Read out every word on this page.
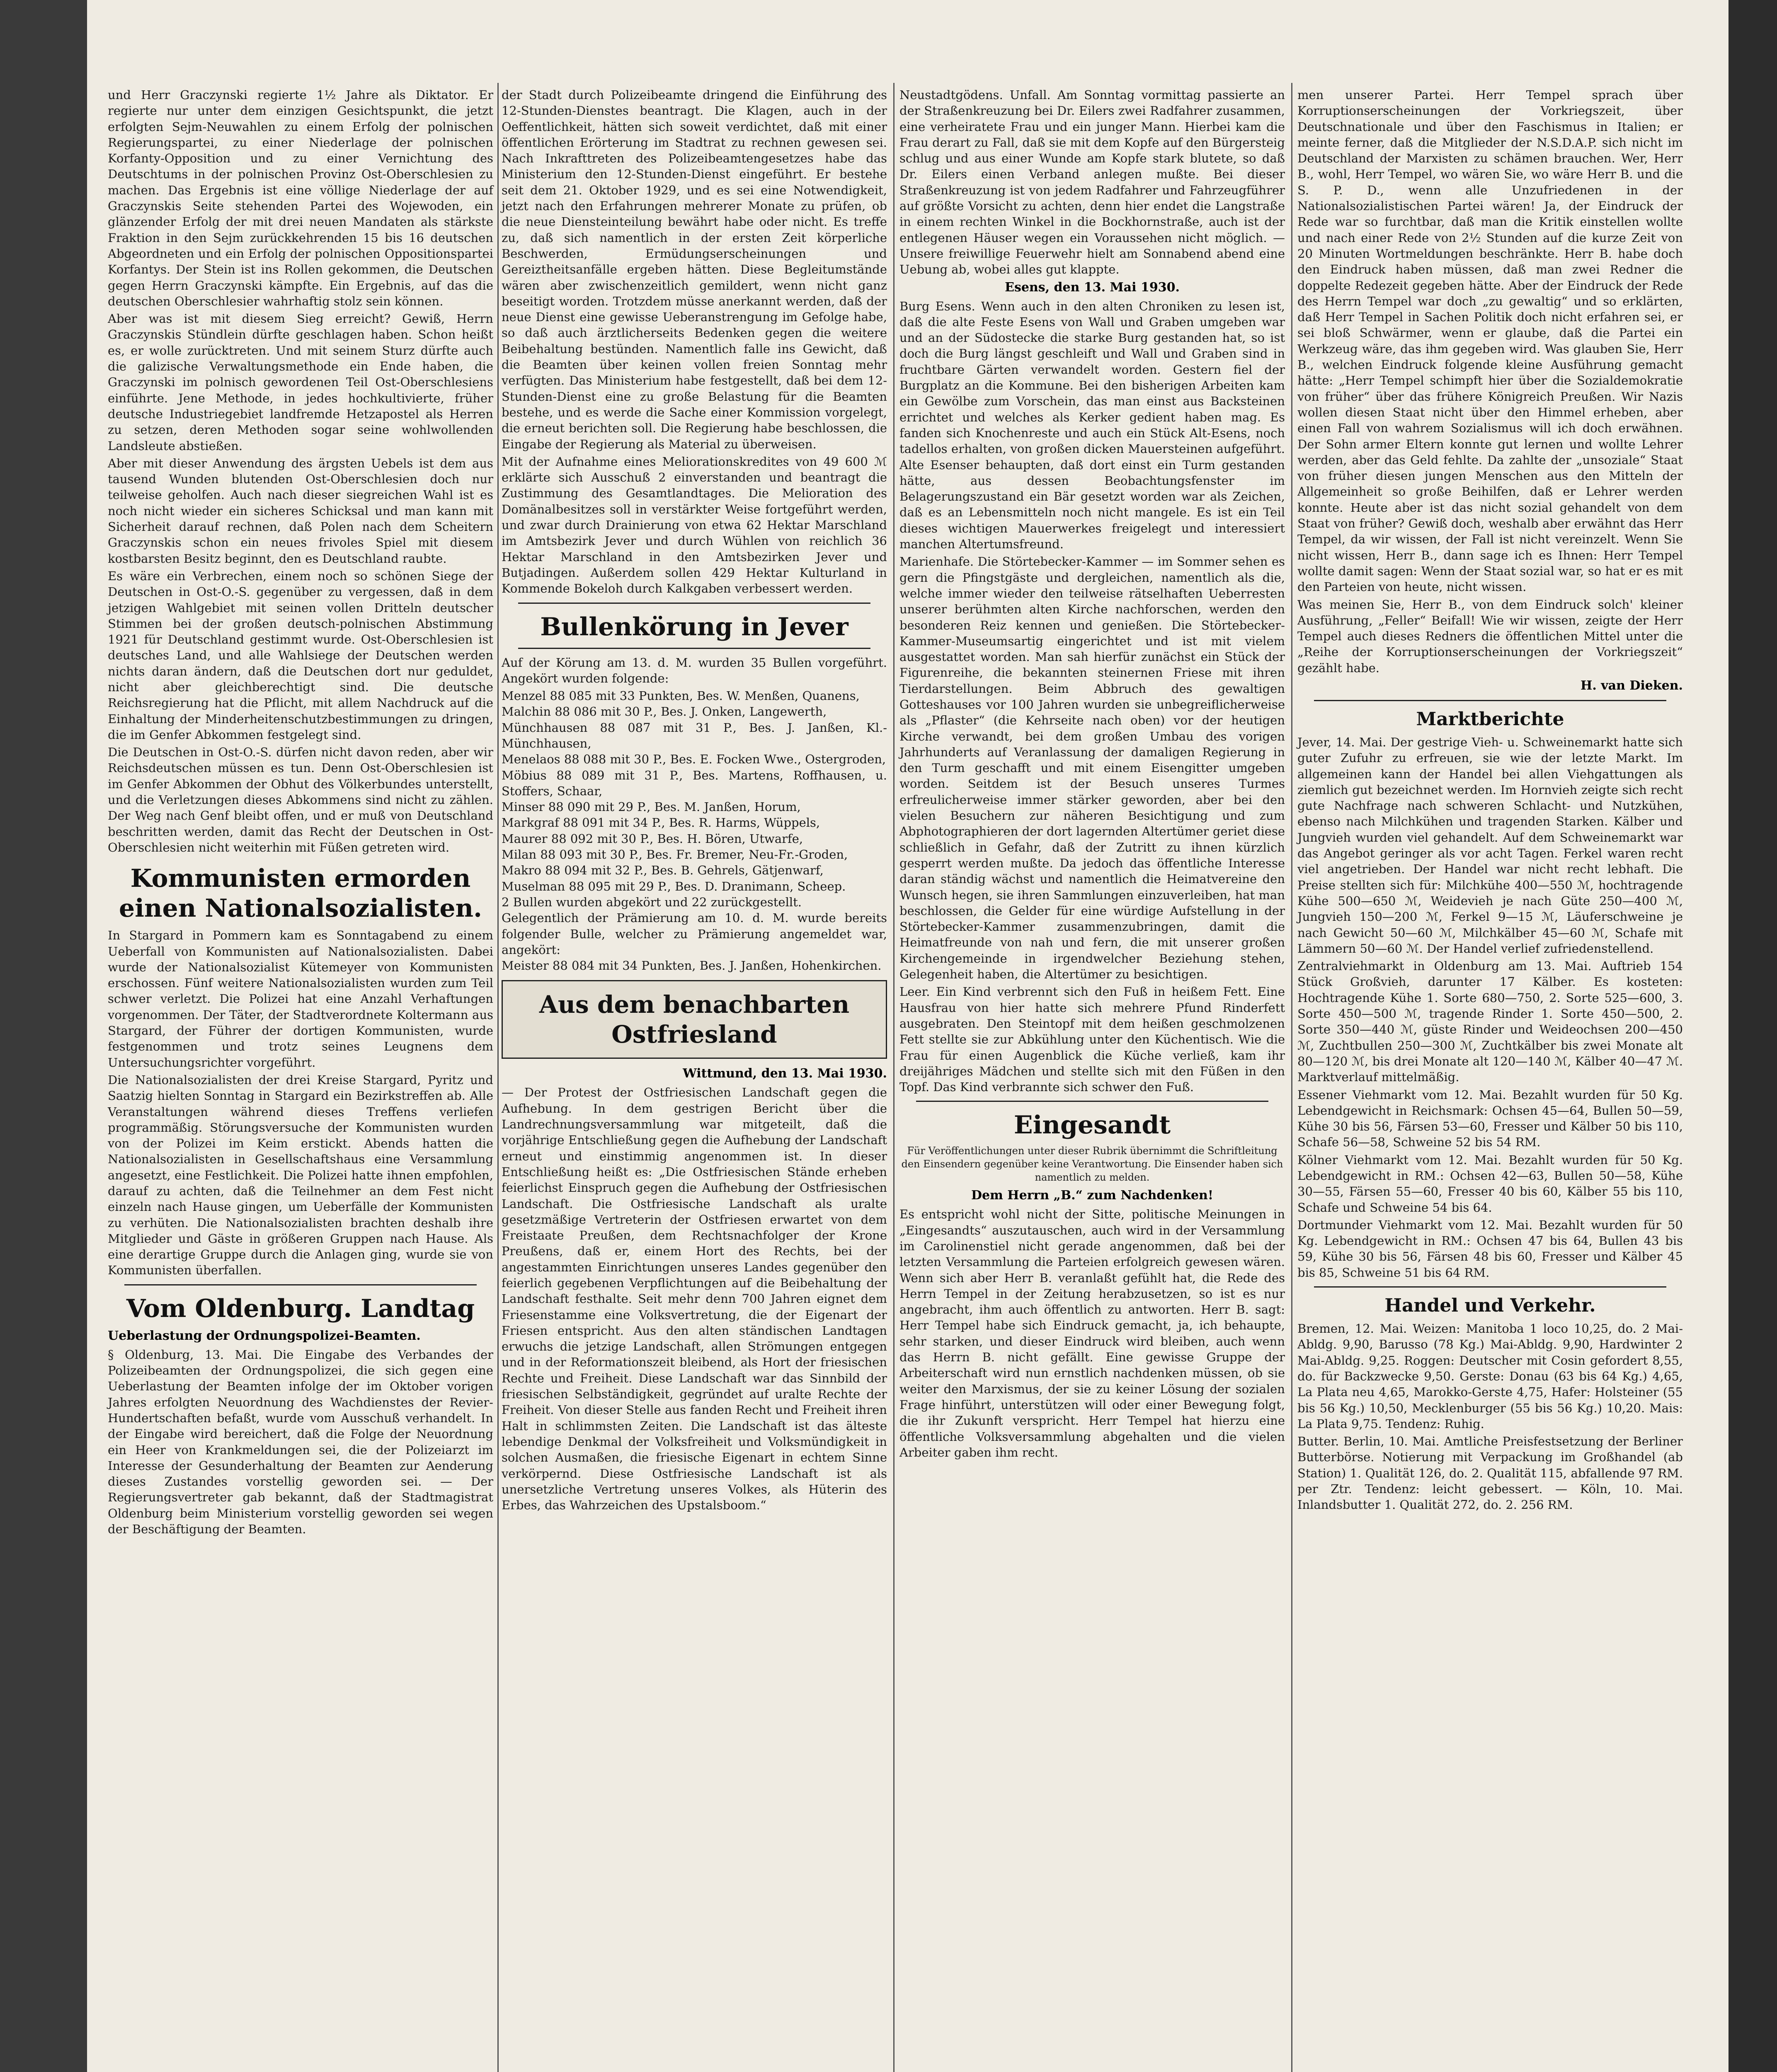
und Herr Graczynski regierte 1½ Jahre als Diktator. Er regierte nur unter dem einzigen Gesichtspunkt, die jetzt erfolgten Sejm-Neuwahlen zu einem Erfolg der polnischen Regierungspartei, zu einer Niederlage der polnischen Korfanty-Opposition und zu einer Vernichtung des Deutschtums in der polnischen Provinz Ost-Oberschlesien zu machen. Das Ergebnis ist eine völlige Niederlage der auf Graczynskis Seite stehenden Partei des Wojewoden, ein glänzender Erfolg der mit drei neuen Mandaten als stärkste Fraktion in den Sejm zurückkehrenden 15 bis 16 deutschen Abgeordneten und ein Erfolg der polnischen Oppositionspartei Korfantys. Der Stein ist ins Rollen gekommen, die Deutschen gegen Herrn Graczynski kämpfte. Ein Ergebnis, auf das die deutschen Oberschlesier wahrhaftig stolz sein können.

Aber was ist mit diesem Sieg erreicht? Gewiß, Herrn Graczynskis Stündlein dürfte geschlagen haben. Schon heißt es, er wolle zurücktreten. Und mit seinem Sturz dürfte auch die galizische Verwaltungsmethode ein Ende haben, die Graczynski im polnisch gewordenen Teil Ost-Oberschlesiens einführte. Jene Methode, in jedes hochkultivierte, früher deutsche Industriegebiet landfremde Hetzapostel als Herren zu setzen, deren Methoden sogar seine wohlwollenden Landsleute abstießen.

Aber mit dieser Anwendung des ärgsten Uebels ist dem aus tausend Wunden blutenden Ost-Oberschlesien doch nur teilweise geholfen. Auch nach dieser siegreichen Wahl ist es noch nicht wieder ein sicheres Schicksal und man kann mit Sicherheit darauf rechnen, daß Polen nach dem Scheitern Graczynskis schon ein neues frivoles Spiel mit diesem kostbarsten Besitz beginnt, den es Deutschland raubte.

Es wäre ein Verbrechen, einem noch so schönen Siege der Deutschen in Ost-O.-S. gegenüber zu vergessen, daß in dem jetzigen Wahlgebiet mit seinen vollen Dritteln deutscher Stimmen bei der großen deutsch-polnischen Abstimmung 1921 für Deutschland gestimmt wurde. Ost-Oberschlesien ist deutsches Land, und alle Wahlsiege der Deutschen werden nichts daran ändern, daß die Deutschen dort nur geduldet, nicht aber gleichberechtigt sind. Die deutsche Reichsregierung hat die Pflicht, mit allem Nachdruck auf die Einhaltung der Minderheitenschutzbestimmungen zu dringen, die im Genfer Abkommen festgelegt sind.

Die Deutschen in Ost-O.-S. dürfen nicht davon reden, aber wir Reichsdeutschen müssen es tun. Denn Ost-Oberschlesien ist im Genfer Abkommen der Obhut des Völkerbundes unterstellt, und die Verletzungen dieses Abkommens sind nicht zu zählen. Der Weg nach Genf bleibt offen, und er muß von Deutschland beschritten werden, damit das Recht der Deutschen in Ost-Oberschlesien nicht weiterhin mit Füßen getreten wird.

Kommunisten ermorden einen Nationalsozialisten.

In Stargard in Pommern kam es Sonntagabend zu einem Ueberfall von Kommunisten auf Nationalsozialisten. Dabei wurde der Nationalsozialist Kütemeyer von Kommunisten erschossen. Fünf weitere Nationalsozialisten wurden zum Teil schwer verletzt. Die Polizei hat eine Anzahl Verhaftungen vorgenommen. Der Täter, der Stadtverordnete Koltermann aus Stargard, der Führer der dortigen Kommunisten, wurde festgenommen und trotz seines Leugnens dem Untersuchungsrichter vorgeführt.

Die Nationalsozialisten der drei Kreise Stargard, Pyritz und Saatzig hielten Sonntag in Stargard ein Bezirkstreffen ab. Alle Veranstaltungen während dieses Treffens verliefen programmäßig. Störungsversuche der Kommunisten wurden von der Polizei im Keim erstickt. Abends hatten die Nationalsozialisten in Gesellschaftshaus eine Versammlung angesetzt, eine Festlichkeit. Die Polizei hatte ihnen empfohlen, darauf zu achten, daß die Teilnehmer an dem Fest nicht einzeln nach Hause gingen, um Ueberfälle der Kommunisten zu verhüten. Die Nationalsozialisten brachten deshalb ihre Mitglieder und Gäste in größeren Gruppen nach Hause. Als eine derartige Gruppe durch die Anlagen ging, wurde sie von Kommunisten überfallen.

Vom Oldenburg. Landtag
Ueberlastung der Ordnungspolizei-Beamten.

§ Oldenburg, 13. Mai. Die Eingabe des Verbandes der Polizeibeamten der Ordnungspolizei, die sich gegen eine Ueberlastung der Beamten infolge der im Oktober vorigen Jahres erfolgten Neuordnung des Wachdienstes der Revier-Hundertschaften befaßt, wurde vom Ausschuß verhandelt. In der Eingabe wird bereichert, daß die Folge der Neuordnung ein Heer von Krankmeldungen sei, die der Polizeiarzt im Interesse der Gesunderhaltung der Beamten zur Aenderung dieses Zustandes vorstellig geworden sei. — Der Regierungsvertreter gab bekannt, daß der Stadtmagistrat Oldenburg beim Ministerium vorstellig geworden sei wegen der Beschäftigung der Beamten.

der Stadt durch Polizeibeamte dringend die Einführung des 12-Stunden-Dienstes beantragt. Die Klagen, auch in der Oeffentlichkeit, hätten sich soweit verdichtet, daß mit einer öffentlichen Erörterung im Stadtrat zu rechnen gewesen sei. Nach Inkrafttreten des Polizeibeamtengesetzes habe das Ministerium den 12-Stunden-Dienst eingeführt. Er bestehe seit dem 21. Oktober 1929, und es sei eine Notwendigkeit, jetzt nach den Erfahrungen mehrerer Monate zu prüfen, ob die neue Diensteinteilung bewährt habe oder nicht. Es treffe zu, daß sich namentlich in der ersten Zeit körperliche Beschwerden, Ermüdungserscheinungen und Gereiztheitsanfälle ergeben hätten. Diese Begleitumstände wären aber zwischenzeitlich gemildert, wenn nicht ganz beseitigt worden. Trotzdem müsse anerkannt werden, daß der neue Dienst eine gewisse Ueberanstrengung im Gefolge habe, so daß auch ärztlicherseits Bedenken gegen die weitere Beibehaltung bestünden. Namentlich falle ins Gewicht, daß die Beamten über keinen vollen freien Sonntag mehr verfügten. Das Ministerium habe festgestellt, daß bei dem 12-Stunden-Dienst eine zu große Belastung für die Beamten bestehe, und es werde die Sache einer Kommission vorgelegt, die erneut berichten soll. Die Regierung habe beschlossen, die Eingabe der Regierung als Material zu überweisen.

Mit der Aufnahme eines Meliorationskredites von 49 600 ℳ erklärte sich Ausschuß 2 einverstanden und beantragt die Zustimmung des Gesamtlandtages. Die Melioration des Domänalbesitzes soll in verstärkter Weise fortgeführt werden, und zwar durch Drainierung von etwa 62 Hektar Marschland im Amtsbezirk Jever und durch Wühlen von reichlich 36 Hektar Marschland in den Amtsbezirken Jever und Butjadingen. Außerdem sollen 429 Hektar Kulturland in Kommende Bokeloh durch Kalkgaben verbessert werden.

Bullenkörung in Jever

Auf der Körung am 13. d. M. wurden 35 Bullen vorgeführt. Angekört wurden folgende:

Menzel 88 085 mit 33 Punkten, Bes. W. Menßen, Quanens,
Malchin 88 086 mit 30 P., Bes. J. Onken, Langewerth,
Münchhausen 88 087 mit 31 P., Bes. J. Janßen, Kl.-Münchhausen,
Menelaos 88 088 mit 30 P., Bes. E. Focken Wwe., Ostergroden,
Möbius 88 089 mit 31 P., Bes. Martens, Roffhausen, u. Stoffers, Schaar,
Minser 88 090 mit 29 P., Bes. M. Janßen, Horum,
Markgraf 88 091 mit 34 P., Bes. R. Harms, Wüppels,
Maurer 88 092 mit 30 P., Bes. H. Bören, Utwarfe,
Milan 88 093 mit 30 P., Bes. Fr. Bremer, Neu-Fr.-Groden,
Makro 88 094 mit 32 P., Bes. B. Gehrels, Gätjenwarf,
Muselman 88 095 mit 29 P., Bes. D. Dranimann, Scheep.
2 Bullen wurden abgekört und 22 zurückgestellt.
Gelegentlich der Prämierung am 10. d. M. wurde bereits folgender Bulle, welcher zu Prämierung angemeldet war, angekört:
Meister 88 084 mit 34 Punkten, Bes. J. Janßen, Hohenkirchen.

Aus dem benachbarten Ostfriesland
Wittmund, den 13. Mai 1930.

— Der Protest der Ostfriesischen Landschaft gegen die Aufhebung. In dem gestrigen Bericht über die Landrechnungsversammlung war mitgeteilt, daß die vorjährige Entschließung gegen die Aufhebung der Landschaft erneut und einstimmig angenommen ist. In dieser Entschließung heißt es: „Die Ostfriesischen Stände erheben feierlichst Einspruch gegen die Aufhebung der Ostfriesischen Landschaft. Die Ostfriesische Landschaft als uralte gesetzmäßige Vertreterin der Ostfriesen erwartet von dem Freistaate Preußen, dem Rechtsnachfolger der Krone Preußens, daß er, einem Hort des Rechts, bei der angestammten Einrichtungen unseres Landes gegenüber den feierlich gegebenen Verpflichtungen auf die Beibehaltung der Landschaft festhalte. Seit mehr denn 700 Jahren eignet dem Friesenstamme eine Volksvertretung, die der Eigenart der Friesen entspricht. Aus den alten ständischen Landtagen erwuchs die jetzige Landschaft, allen Strömungen entgegen und in der Reformationszeit bleibend, als Hort der friesischen Rechte und Freiheit. Diese Landschaft war das Sinnbild der friesischen Selbständigkeit, gegründet auf uralte Rechte der Freiheit. Von dieser Stelle aus fanden Recht und Freiheit ihren Halt in schlimmsten Zeiten. Die Landschaft ist das älteste lebendige Denkmal der Volksfreiheit und Volksmündigkeit in solchen Ausmaßen, die friesische Eigenart in echtem Sinne verkörpernd. Diese Ostfriesische Landschaft ist als unersetzliche Vertretung unseres Volkes, als Hüterin des Erbes, das Wahrzeichen des Upstalsboom.“

Neustadtgödens. Unfall. Am Sonntag vormittag passierte an der Straßenkreuzung bei Dr. Eilers zwei Radfahrer zusammen, eine verheiratete Frau und ein junger Mann. Hierbei kam die Frau derart zu Fall, daß sie mit dem Kopfe auf den Bürgersteig schlug und aus einer Wunde am Kopfe stark blutete, so daß Dr. Eilers einen Verband anlegen mußte. Bei dieser Straßenkreuzung ist von jedem Radfahrer und Fahrzeugführer auf größte Vorsicht zu achten, denn hier endet die Langstraße in einem rechten Winkel in die Bockhornstraße, auch ist der entlegenen Häuser wegen ein Voraussehen nicht möglich. — Unsere freiwillige Feuerwehr hielt am Sonnabend abend eine Uebung ab, wobei alles gut klappte.

Esens, den 13. Mai 1930.

Burg Esens. Wenn auch in den alten Chroniken zu lesen ist, daß die alte Feste Esens von Wall und Graben umgeben war und an der Südostecke die starke Burg gestanden hat, so ist doch die Burg längst geschleift und Wall und Graben sind in fruchtbare Gärten verwandelt worden. Gestern fiel der Burgplatz an die Kommune. Bei den bisherigen Arbeiten kam ein Gewölbe zum Vorschein, das man einst aus Backsteinen errichtet und welches als Kerker gedient haben mag. Es fanden sich Knochenreste und auch ein Stück Alt-Esens, noch tadellos erhalten, von großen dicken Mauersteinen aufgeführt. Alte Esenser behaupten, daß dort einst ein Turm gestanden hätte, aus dessen Beobachtungsfenster im Belagerungszustand ein Bär gesetzt worden war als Zeichen, daß es an Lebensmitteln noch nicht mangele. Es ist ein Teil dieses wichtigen Mauerwerkes freigelegt und interessiert manchen Altertumsfreund.

Marienhafe. Die Störtebecker-Kammer — im Sommer sehen es gern die Pfingstgäste und dergleichen, namentlich als die, welche immer wieder den teilweise rätselhaften Ueberresten unserer berühmten alten Kirche nachforschen, werden den besonderen Reiz kennen und genießen. Die Störtebecker-Kammer-Museumsartig eingerichtet und ist mit vielem ausgestattet worden. Man sah hierfür zunächst ein Stück der Figurenreihe, die bekannten steinernen Friese mit ihren Tierdarstellungen. Beim Abbruch des gewaltigen Gotteshauses vor 100 Jahren wurden sie unbegreiflicherweise als „Pflaster“ (die Kehrseite nach oben) vor der heutigen Kirche verwandt, bei dem großen Umbau des vorigen Jahrhunderts auf Veranlassung der damaligen Regierung in den Turm geschafft und mit einem Eisengitter umgeben worden. Seitdem ist der Besuch unseres Turmes erfreulicherweise immer stärker geworden, aber bei den vielen Besuchern zur näheren Besichtigung und zum Abphotographieren der dort lagernden Altertümer geriet diese schließlich in Gefahr, daß der Zutritt zu ihnen kürzlich gesperrt werden mußte. Da jedoch das öffentliche Interesse daran ständig wächst und namentlich die Heimatvereine den Wunsch hegen, sie ihren Sammlungen einzuverleiben, hat man beschlossen, die Gelder für eine würdige Aufstellung in der Störtebecker-Kammer zusammenzubringen, damit die Heimatfreunde von nah und fern, die mit unserer großen Kirchengemeinde in irgendwelcher Beziehung stehen, Gelegenheit haben, die Altertümer zu besichtigen.

Leer. Ein Kind verbrennt sich den Fuß in heißem Fett. Eine Hausfrau von hier hatte sich mehrere Pfund Rinderfett ausgebraten. Den Steintopf mit dem heißen geschmolzenen Fett stellte sie zur Abkühlung unter den Küchentisch. Wie die Frau für einen Augenblick die Küche verließ, kam ihr dreijähriges Mädchen und stellte sich mit den Füßen in den Topf. Das Kind verbrannte sich schwer den Fuß.

Eingesandt

Für Veröffentlichungen unter dieser Rubrik übernimmt die Schriftleitung den Einsendern gegenüber keine Verantwortung. Die Einsender haben sich namentlich zu melden.

Dem Herrn „B.“ zum Nachdenken!

Es entspricht wohl nicht der Sitte, politische Meinungen in „Eingesandts“ auszutauschen, auch wird in der Versammlung im Carolinenstiel nicht gerade angenommen, daß bei der letzten Versammlung die Parteien erfolgreich gewesen wären. Wenn sich aber Herr B. veranlaßt gefühlt hat, die Rede des Herrn Tempel in der Zeitung herabzusetzen, so ist es nur angebracht, ihm auch öffentlich zu antworten. Herr B. sagt: Herr Tempel habe sich Eindruck gemacht, ja, ich behaupte, sehr starken, und dieser Eindruck wird bleiben, auch wenn das Herrn B. nicht gefällt. Eine gewisse Gruppe der Arbeiterschaft wird nun ernstlich nachdenken müssen, ob sie weiter den Marxismus, der sie zu keiner Lösung der sozialen Frage hinführt, unterstützen will oder einer Bewegung folgt, die ihr Zukunft verspricht. Herr Tempel hat hierzu eine öffentliche Volksversammlung abgehalten und die vielen Arbeiter gaben ihm recht.

men unserer Partei. Herr Tempel sprach über Korruptionserscheinungen der Vorkriegszeit, über Deutschnationale und über den Faschismus in Italien; er meinte ferner, daß die Mitglieder der N.S.D.A.P. sich nicht im Deutschland der Marxisten zu schämen brauchen. Wer, Herr B., wohl, Herr Tempel, wo wären Sie, wo wäre Herr B. und die S. P. D., wenn alle Unzufriedenen in der Nationalsozialistischen Partei wären! Ja, der Eindruck der Rede war so furchtbar, daß man die Kritik einstellen wollte und nach einer Rede von 2½ Stunden auf die kurze Zeit von 20 Minuten Wortmeldungen beschränkte. Herr B. habe doch den Eindruck haben müssen, daß man zwei Redner die doppelte Redezeit gegeben hätte. Aber der Eindruck der Rede des Herrn Tempel war doch „zu gewaltig“ und so erklärten, daß Herr Tempel in Sachen Politik doch nicht erfahren sei, er sei bloß Schwärmer, wenn er glaube, daß die Partei ein Werkzeug wäre, das ihm gegeben wird. Was glauben Sie, Herr B., welchen Eindruck folgende kleine Ausführung gemacht hätte: „Herr Tempel schimpft hier über die Sozialdemokratie von früher“ über das frühere Königreich Preußen. Wir Nazis wollen diesen Staat nicht über den Himmel erheben, aber einen Fall von wahrem Sozialismus will ich doch erwähnen. Der Sohn armer Eltern konnte gut lernen und wollte Lehrer werden, aber das Geld fehlte. Da zahlte der „unsoziale“ Staat von früher diesen jungen Menschen aus den Mitteln der Allgemeinheit so große Beihilfen, daß er Lehrer werden konnte. Heute aber ist das nicht sozial gehandelt von dem Staat von früher? Gewiß doch, weshalb aber erwähnt das Herr Tempel, da wir wissen, der Fall ist nicht vereinzelt. Wenn Sie nicht wissen, Herr B., dann sage ich es Ihnen: Herr Tempel wollte damit sagen: Wenn der Staat sozial war, so hat er es mit den Parteien von heute, nicht wissen.

Was meinen Sie, Herr B., von dem Eindruck solch' kleiner Ausführung, „Feller“ Beifall! Wie wir wissen, zeigte der Herr Tempel auch dieses Redners die öffentlichen Mittel unter die „Reihe der Korruptionserscheinungen der Vorkriegszeit“ gezählt habe.

H. van Dieken.
Marktberichte

Jever, 14. Mai. Der gestrige Vieh- u. Schweinemarkt hatte sich guter Zufuhr zu erfreuen, sie wie der letzte Markt. Im allgemeinen kann der Handel bei allen Viehgattungen als ziemlich gut bezeichnet werden. Im Hornvieh zeigte sich recht gute Nachfrage nach schweren Schlacht- und Nutzkühen, ebenso nach Milchkühen und tragenden Starken. Kälber und Jungvieh wurden viel gehandelt. Auf dem Schweinemarkt war das Angebot geringer als vor acht Tagen. Ferkel waren recht viel angetrieben. Der Handel war nicht recht lebhaft. Die Preise stellten sich für: Milchkühe 400—550 ℳ, hochtragende Kühe 500—650 ℳ, Weidevieh je nach Güte 250—400 ℳ, Jungvieh 150—200 ℳ, Ferkel 9—15 ℳ, Läuferschweine je nach Gewicht 50—60 ℳ, Milchkälber 45—60 ℳ, Schafe mit Lämmern 50—60 ℳ. Der Handel verlief zufriedenstellend.

Zentralviehmarkt in Oldenburg am 13. Mai. Auftrieb 154 Stück Großvieh, darunter 17 Kälber. Es kosteten: Hochtragende Kühe 1. Sorte 680—750, 2. Sorte 525—600, 3. Sorte 450—500 ℳ, tragende Rinder 1. Sorte 450—500, 2. Sorte 350—440 ℳ, güste Rinder und Weideochsen 200—450 ℳ, Zuchtbullen 250—300 ℳ, Zuchtkälber bis zwei Monate alt 80—120 ℳ, bis drei Monate alt 120—140 ℳ, Kälber 40—47 ℳ. Marktverlauf mittelmäßig.

Essener Viehmarkt vom 12. Mai. Bezahlt wurden für 50 Kg. Lebendgewicht in Reichsmark: Ochsen 45—64, Bullen 50—59, Kühe 30 bis 56, Färsen 53—60, Fresser und Kälber 50 bis 110, Schafe 56—58, Schweine 52 bis 54 RM.

Kölner Viehmarkt vom 12. Mai. Bezahlt wurden für 50 Kg. Lebendgewicht in RM.: Ochsen 42—63, Bullen 50—58, Kühe 30—55, Färsen 55—60, Fresser 40 bis 60, Kälber 55 bis 110, Schafe und Schweine 54 bis 64.

Dortmunder Viehmarkt vom 12. Mai. Bezahlt wurden für 50 Kg. Lebendgewicht in RM.: Ochsen 47 bis 64, Bullen 43 bis 59, Kühe 30 bis 56, Färsen 48 bis 60, Fresser und Kälber 45 bis 85, Schweine 51 bis 64 RM.

Handel und Verkehr.

Bremen, 12. Mai. Weizen: Manitoba 1 loco 10,25, do. 2 Mai-Abldg. 9,90, Barusso (78 Kg.) Mai-Abldg. 9,90, Hardwinter 2 Mai-Abldg. 9,25. Roggen: Deutscher mit Cosin gefordert 8,55, do. für Backzwecke 9,50. Gerste: Donau (63 bis 64 Kg.) 4,65, La Plata neu 4,65, Marokko-Gerste 4,75, Hafer: Holsteiner (55 bis 56 Kg.) 10,50, Mecklenburger (55 bis 56 Kg.) 10,20. Mais: La Plata 9,75. Tendenz: Ruhig.

Butter. Berlin, 10. Mai. Amtliche Preisfestsetzung der Berliner Butterbörse. Notierung mit Verpackung im Großhandel (ab Station) 1. Qualität 126, do. 2. Qualität 115, abfallende 97 RM. per Ztr. Tendenz: leicht gebessert. — Köln, 10. Mai. Inlandsbutter 1. Qualität 272, do. 2. 256 RM.
